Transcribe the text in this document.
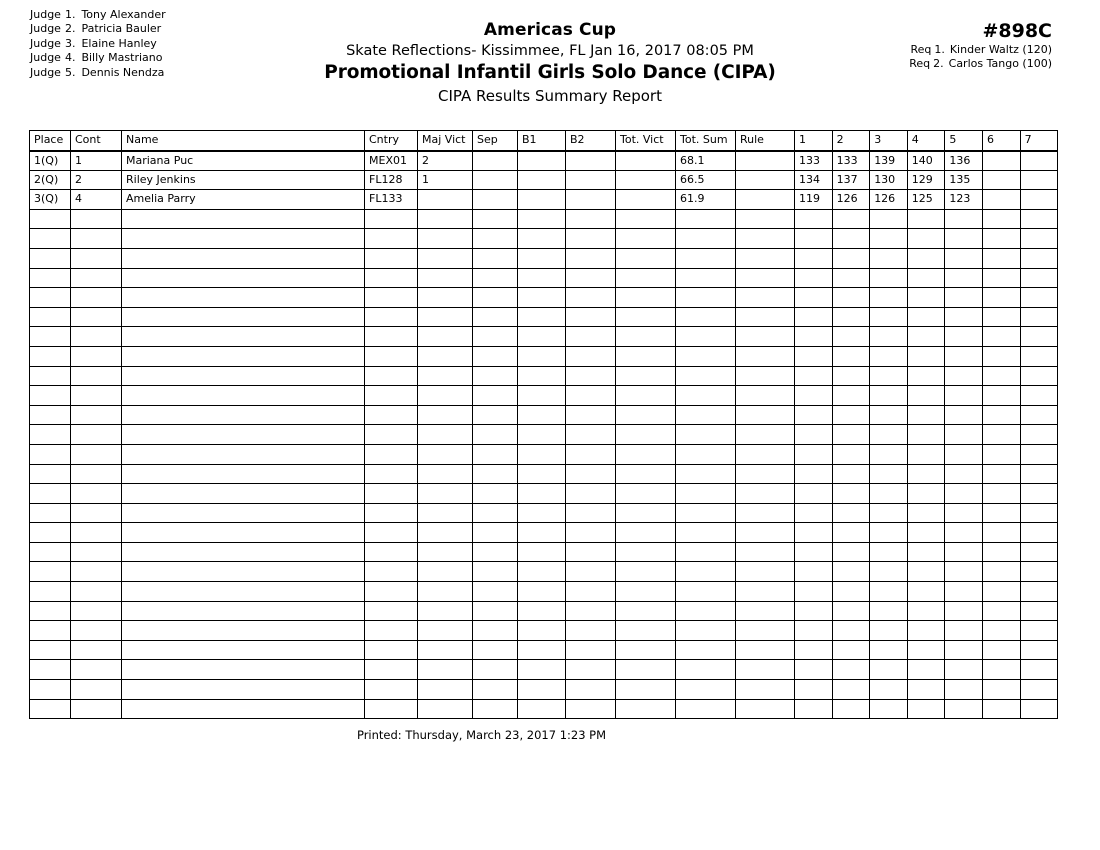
Judge 1. Tony Alexander
Judge 2. Patricia Bauler
Judge 3. Elaine Hanley
Judge 4. Billy Mastriano
Judge 5. Dennis Nendza
Americas Cup
Skate Reflections- Kissimmee, FL Jan 16, 2017 08:05 PM
Promotional Infantil Girls Solo Dance (CIPA)
CIPA Results Summary Report
#898C
Req 1. Kinder Waltz (120)
Req 2. Carlos Tango (100)
Place	Cont	Name	Cntry	Maj Vict	Sep	B1	B2	Tot. Vict	Tot. Sum	Rule	1	2	3	4	5	6	7
1(Q)	1	Mariana Puc	MEX01	2					68.1		133	133	139	140	136		
2(Q)	2	Riley Jenkins	FL128	1					66.5		134	137	130	129	135		
3(Q)	4	Amelia Parry	FL133						61.9		119	126	126	125	123		

Printed: Thursday, March 23, 2017 1:23 PM
